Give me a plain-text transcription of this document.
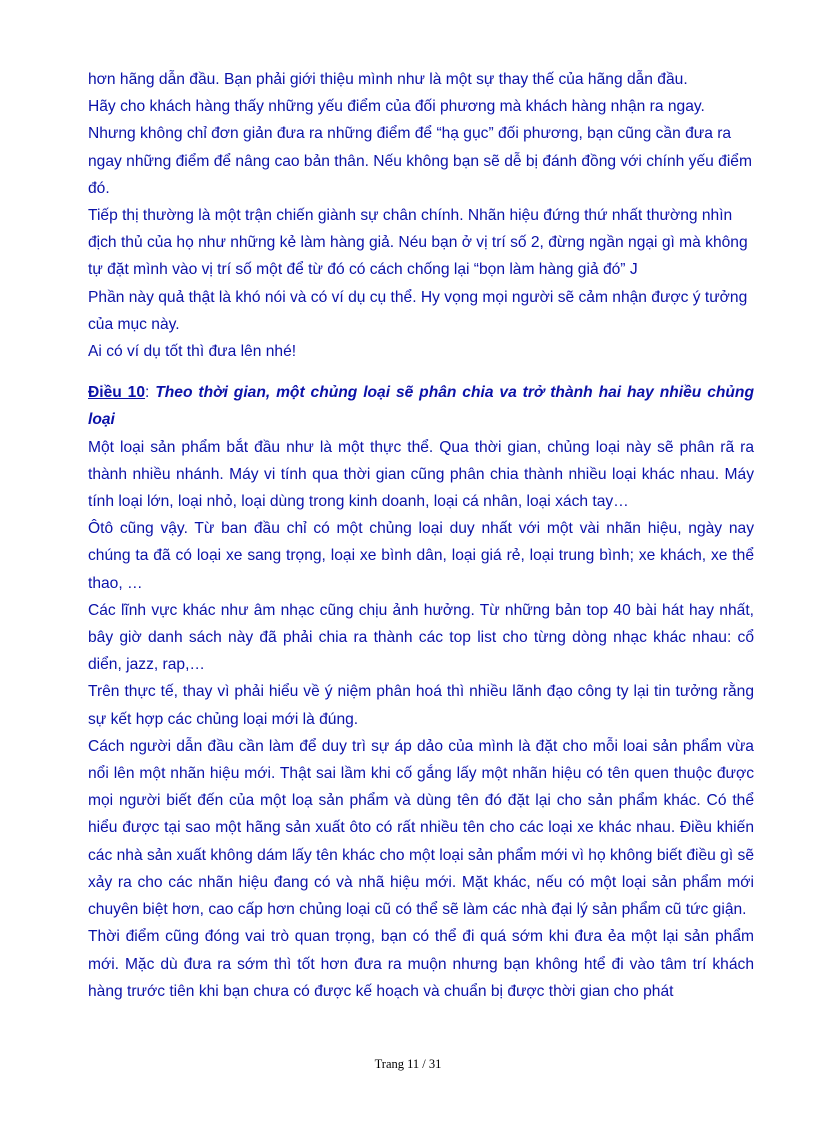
hơn hãng dẫn đầu. Bạn phải giới thiệu mình như là một sự thay thế của hãng dẫn đầu.

Hãy cho khách hàng thấy những yếu điểm của đối phương mà khách hàng nhận ra ngay. Nhưng không chỉ đơn giản đưa ra những điểm để “hạ gục” đối phương, bạn cũng cần đưa ra ngay những điểm để nâng cao bản thân. Nếu không bạn sẽ dễ bị đánh đồng với chính yếu điểm đó.

Tiếp thị thường là một trận chiến giành sự chân chính. Nhãn hiệu đứng thứ nhất thường nhìn địch thủ của họ như những kẻ làm hàng giả. Néu bạn ở vị trí số 2, đừng ngần ngại gì mà không tự đặt mình vào vị trí số một để từ đó có cách chống lại “bọn làm hàng giả đó” J

Phần này quả thật là khó nói và có ví dụ cụ thể. Hy vọng mọi người sẽ cảm nhận được ý tưởng của mục này.

Ai có ví dụ tốt thì đưa lên nhé!

Điều 10: Theo thời gian, một chủng loại sẽ phân chia va trở thành hai hay nhiều chủng loại

Một loại sản phẩm bắt đầu như là một thực thể. Qua thời gian, chủng loại này sẽ phân rã ra thành nhiều nhánh. Máy vi tính qua thời gian cũng phân chia thành nhiều loại khác nhau. Máy tính loại lớn, loại nhỏ, loại dùng trong kinh doanh, loại cá nhân, loại xách tay…

Ôtô cũng vậy. Từ ban đầu chỉ có một chủng loại duy nhất với một vài nhãn hiệu, ngày nay chúng ta đã có loại xe sang trọng, loại xe bình dân, loại giá rẻ, loại trung bình; xe khách, xe thể thao, …

Các lĩnh vực khác như âm nhạc cũng chịu ảnh hưởng. Từ những bản top 40 bài hát hay nhất, bây giờ danh sách này đã phải chia ra thành các top list cho từng dòng nhạc khác nhau: cổ diển, jazz, rap,…

Trên thực tế, thay vì phải hiểu về ý niệm phân hoá thì nhiều lãnh đạo công ty lại tin tưởng rằng sự kết hợp các chủng loại mới là đúng.

Cách người dẫn đầu cần làm để duy trì sự áp dảo của mình là đặt cho mỗi loai sản phẩm vừa nổi lên một nhãn hiệu mới. Thật sai lầm khi cố gắng lấy một nhãn hiệu có tên quen thuộc được mọi người biết đến của một loạ sản phẩm và dùng tên đó đặt lại cho sản phẩm khác. Có thể hiểu được tại sao một hãng sản xuất ôto có rất nhiều tên cho các loại xe khác nhau. Điều khiến các nhà sản xuất không dám lấy tên khác cho một loại sản phẩm mới vì họ không biết điều gì sẽ xảy ra cho các nhãn hiệu đang có và nhã hiệu mới. Mặt khác, nếu có một loại sản phẩm mới chuyên biệt hơn, cao cấp hơn chủng loại cũ có thể sẽ làm các nhà đại lý sản phẩm cũ tức giận.

Thời điểm cũng đóng vai trò quan trọng, bạn có thể đi quá sớm khi đưa ẻa một lại sản phẩm mới. Mặc dù đưa ra sớm thì tốt hơn đưa ra muộn nhưng bạn không htể đi vào tâm trí khách hàng trước tiên khi bạn chưa có được kế hoạch và chuẩn bị được thời gian cho phát

Trang 11 / 31
